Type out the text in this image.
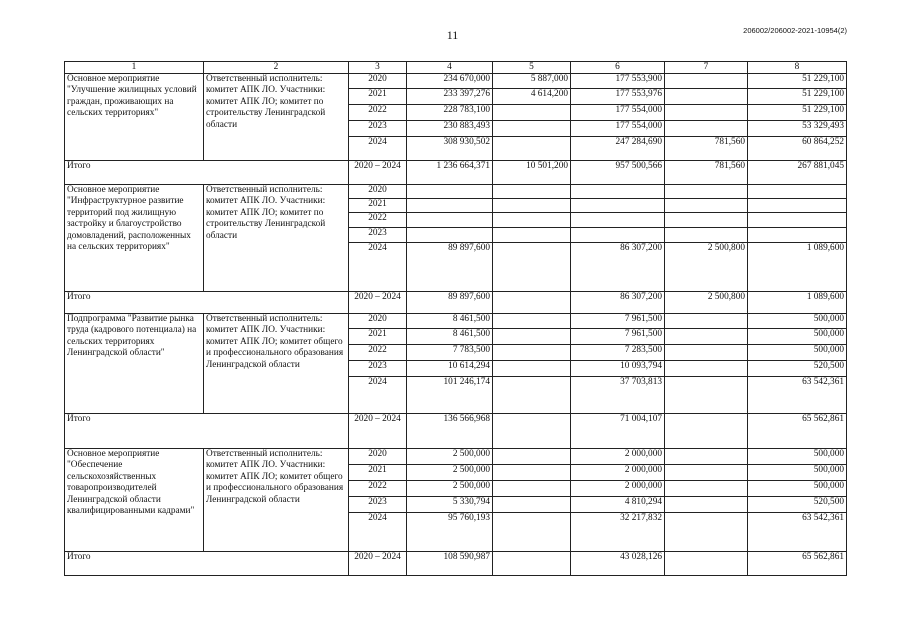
11	206002/206002-2021-10954(2)
1	2	3	4	5	6	7	8
Основное мероприятие "Улучшение жилищных условий граждан, проживающих на сельских территориях"	Ответственный исполнитель: комитет АПК ЛО. Участники: комитет АПК ЛО; комитет по строительству Ленинградской области	2020	234 670,000	5 887,000	177 553,900		51 229,100
		2021	233 397,276	4 614,200	177 553,976		51 229,100
		2022	228 783,100		177 554,000		51 229,100
		2023	230 883,493		177 554,000		53 329,493
		2024	308 930,502		247 284,690	781,560	60 864,252
Итого		2020 – 2024	1 236 664,371	10 501,200	957 500,566	781,560	267 881,045
Основное мероприятие "Инфраструктурное развитие территорий под жилищную застройку и благоустройство домовладений, расположенных на сельских территориях"	Ответственный исполнитель: комитет АПК ЛО. Участники: комитет АПК ЛО; комитет по строительству Ленинградской области	2020					
		2021					
		2022					
		2023					
		2024	89 897,600		86 307,200	2 500,800	1 089,600
Итого		2020 – 2024	89 897,600		86 307,200	2 500,800	1 089,600
Подпрограмма "Развитие рынка труда (кадрового потенциала) на сельских территориях Ленинградской области"	Ответственный исполнитель: комитет АПК ЛО. Участники: комитет АПК ЛО; комитет общего и профессионального образования Ленинградской области	2020	8 461,500		7 961,500		500,000
		2021	8 461,500		7 961,500		500,000
		2022	7 783,500		7 283,500		500,000
		2023	10 614,294		10 093,794		520,500
		2024	101 246,174		37 703,813		63 542,361
Итого		2020 – 2024	136 566,968		71 004,107		65 562,861
Основное мероприятие "Обеспечение сельскохозяйственных товаропроизводителей Ленинградской области квалифицированными кадрами"	Ответственный исполнитель: комитет АПК ЛО. Участники: комитет АПК ЛО; комитет общего и профессионального образования Ленинградской области	2020	2 500,000		2 000,000		500,000
		2021	2 500,000		2 000,000		500,000
		2022	2 500,000		2 000,000		500,000
		2023	5 330,794		4 810,294		520,500
		2024	95 760,193		32 217,832		63 542,361
Итого		2020 – 2024	108 590,987		43 028,126		65 562,861
